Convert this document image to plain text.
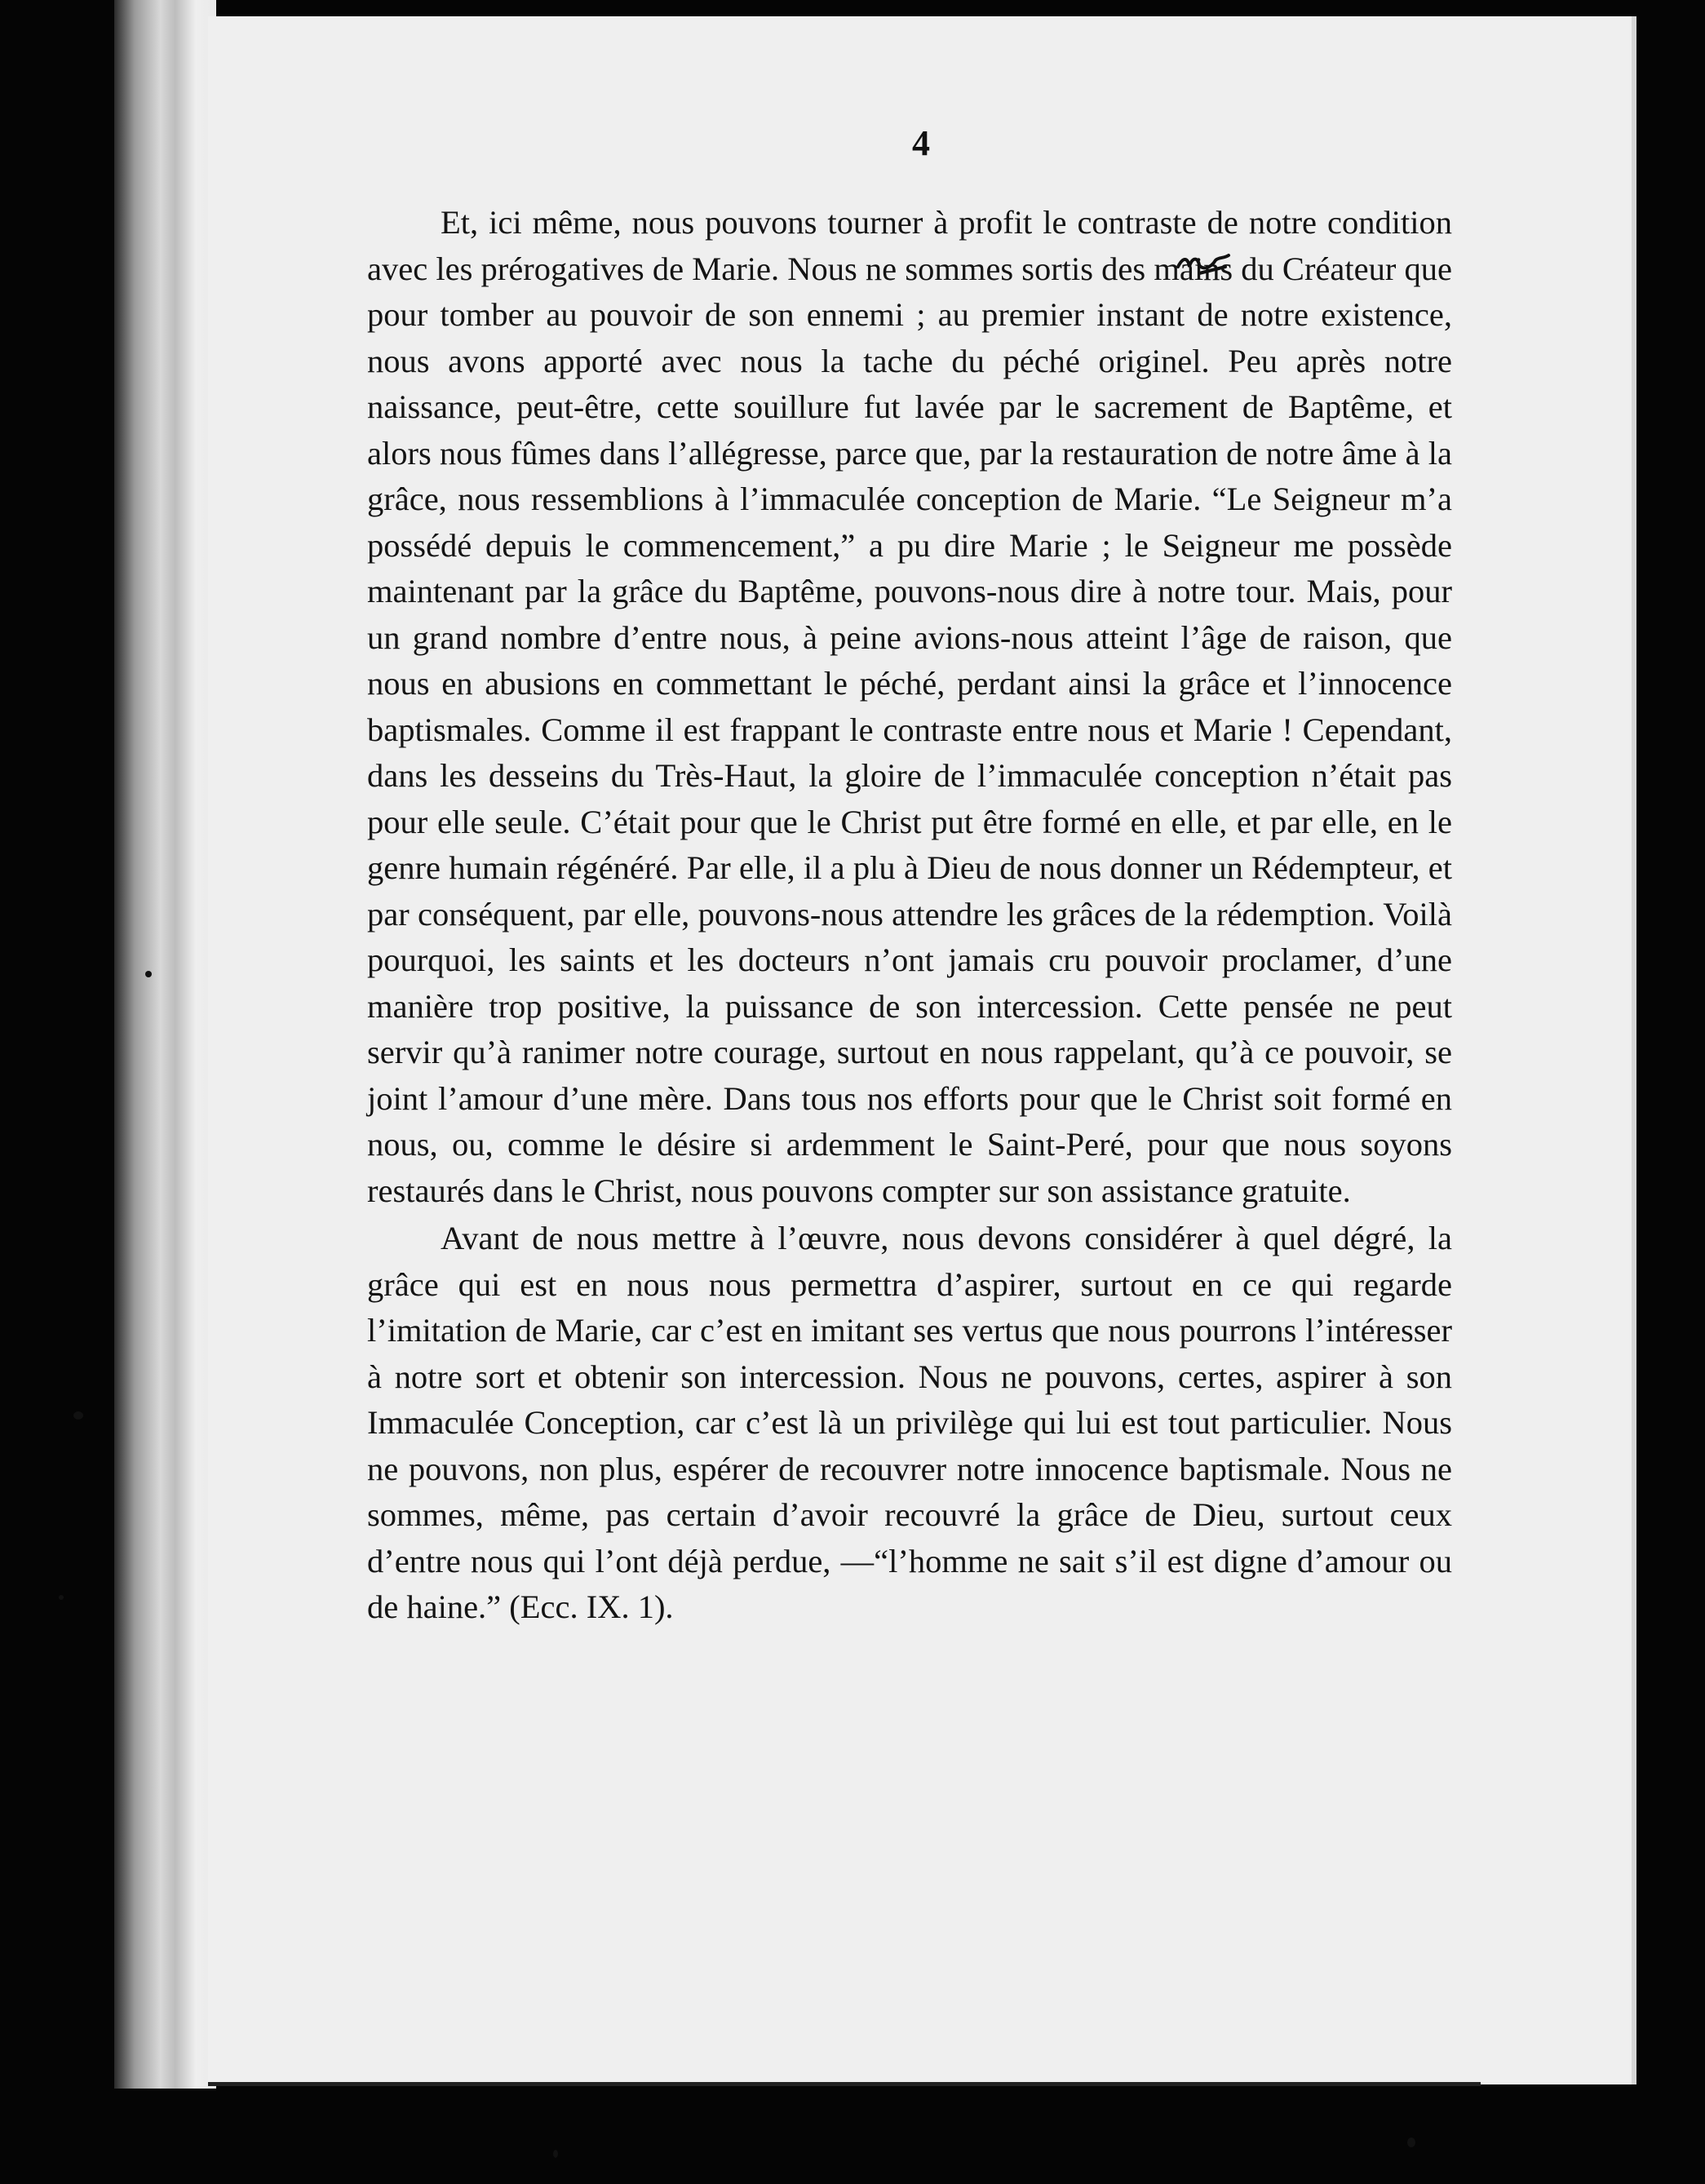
4

Et, ici même, nous pouvons tourner à profit le contraste de notre condition avec les prérogatives de Marie. Nous ne sommes sortis des mains du Créateur que pour tomber au pouvoir de son ennemi ; au premier instant de notre existence, nous avons apporté avec nous la tache du péché originel. Peu après notre naissance, peut-être, cette souillure fut lavée par le sacrement de Baptême, et alors nous fûmes dans l’allégresse, parce que, par la restauration de notre âme à la grâce, nous ressemblions à l’immaculée conception de Marie. “Le Seigneur m’a possédé depuis le commencement,” a pu dire Marie ; le Seigneur me possède maintenant par la grâce du Baptême, pouvons-nous dire à notre tour. Mais, pour un grand nombre d’entre nous, à peine avions-nous atteint l’âge de raison, que nous en abusions en commettant le péché, perdant ainsi la grâce et l’innocence baptismales. Comme il est frappant le contraste entre nous et Marie ! Cependant, dans les desseins du Très-Haut, la gloire de l’immaculée conception n’était pas pour elle seule. C’était pour que le Christ put être formé en elle, et par elle, en le genre humain régénéré. Par elle, il a plu à Dieu de nous donner un Rédempteur, et par conséquent, par elle, pouvons-nous attendre les grâces de la rédemption. Voilà pourquoi, les saints et les docteurs n’ont jamais cru pouvoir proclamer, d’une manière trop positive, la puissance de son intercession. Cette pensée ne peut servir qu’à ranimer notre courage, surtout en nous rappelant, qu’à ce pouvoir, se joint l’amour d’une mère. Dans tous nos efforts pour que le Christ soit formé en nous, ou, comme le désire si ardemment le Saint-Peré, pour que nous soyons restaurés dans le Christ, nous pouvons compter sur son assistance gratuite.

Avant de nous mettre à l’œuvre, nous devons considérer à quel dégré, la grâce qui est en nous nous permettra d’aspirer, surtout en ce qui regarde l’imitation de Marie, car c’est en imitant ses vertus que nous pourrons l’intéresser à notre sort et obtenir son intercession. Nous ne pouvons, certes, aspirer à son Immaculée Conception, car c’est là un privilège qui lui est tout particulier. Nous ne pouvons, non plus, espérer de recouvrer notre innocence baptismale. Nous ne sommes, même, pas certain d’avoir recouvré la grâce de Dieu, surtout ceux d’entre nous qui l’ont déjà perdue, —“l’homme ne sait s’il est digne d’amour ou de haine.” (Ecc. IX. 1).
